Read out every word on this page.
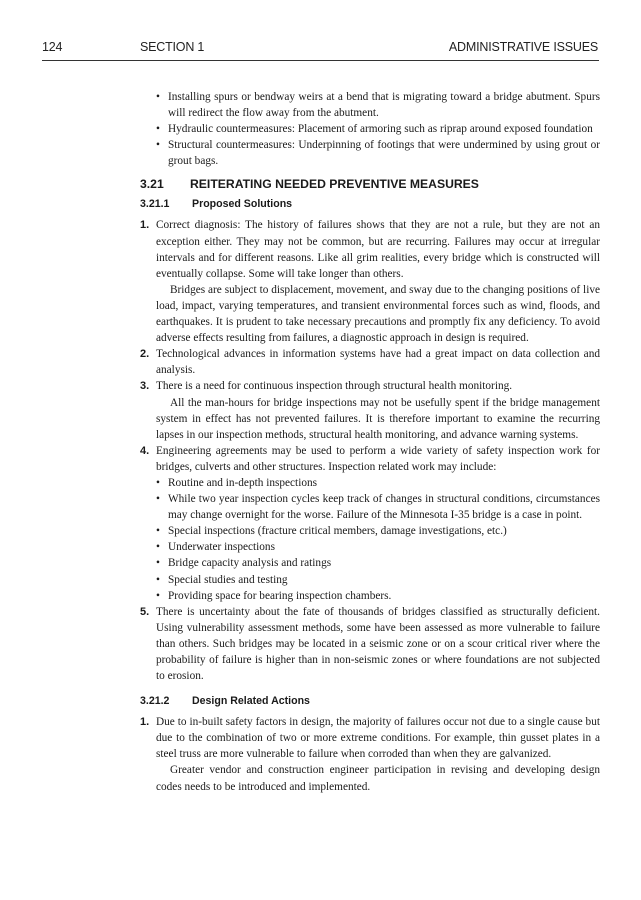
124	SECTION 1	ADMINISTRATIVE ISSUES
• Installing spurs or bendway weirs at a bend that is migrating toward a bridge abutment. Spurs will redirect the flow away from the abutment.
• Hydraulic countermeasures: Placement of armoring such as riprap around exposed foundation
• Structural countermeasures: Underpinning of footings that were undermined by using grout or grout bags.
3.21 REITERATING NEEDED PREVENTIVE MEASURES
3.21.1 Proposed Solutions
1. Correct diagnosis: The history of failures shows that they are not a rule, but they are not an exception either. They may not be common, but are recurring. Failures may occur at irregular intervals and for different reasons. Like all grim realities, every bridge which is constructed will eventually collapse. Some will take longer than others.

Bridges are subject to displacement, movement, and sway due to the changing positions of live load, impact, varying temperatures, and transient environmental forces such as wind, floods, and earthquakes. It is prudent to take necessary precautions and promptly fix any deficiency. To avoid adverse effects resulting from failures, a diagnostic approach in design is required.

2. Technological advances in information systems have had a great impact on data collection and analysis.

3. There is a need for continuous inspection through structural health monitoring.

All the man-hours for bridge inspections may not be usefully spent if the bridge management system in effect has not prevented failures. It is therefore important to examine the recurring lapses in our inspection methods, structural health monitoring, and advance warning systems.

4. Engineering agreements may be used to perform a wide variety of safety inspection work for bridges, culverts and other structures. Inspection related work may include:

• Routine and in-depth inspections
• While two year inspection cycles keep track of changes in structural conditions, circumstances may change overnight for the worse. Failure of the Minnesota I-35 bridge is a case in point.
• Special inspections (fracture critical members, damage investigations, etc.)
• Underwater inspections
• Bridge capacity analysis and ratings
• Special studies and testing
• Providing space for bearing inspection chambers.
5. There is uncertainty about the fate of thousands of bridges classified as structurally deficient. Using vulnerability assessment methods, some have been assessed as more vulnerable to failure than others. Such bridges may be located in a seismic zone or on a scour critical river where the probability of failure is higher than in non-seismic zones or where foundations are not subjected to erosion.

3.21.2 Design Related Actions
1. Due to in-built safety factors in design, the majority of failures occur not due to a single cause but due to the combination of two or more extreme conditions. For example, thin gusset plates in a steel truss are more vulnerable to failure when corroded than when they are galvanized.

Greater vendor and construction engineer participation in revising and developing design codes needs to be introduced and implemented.
